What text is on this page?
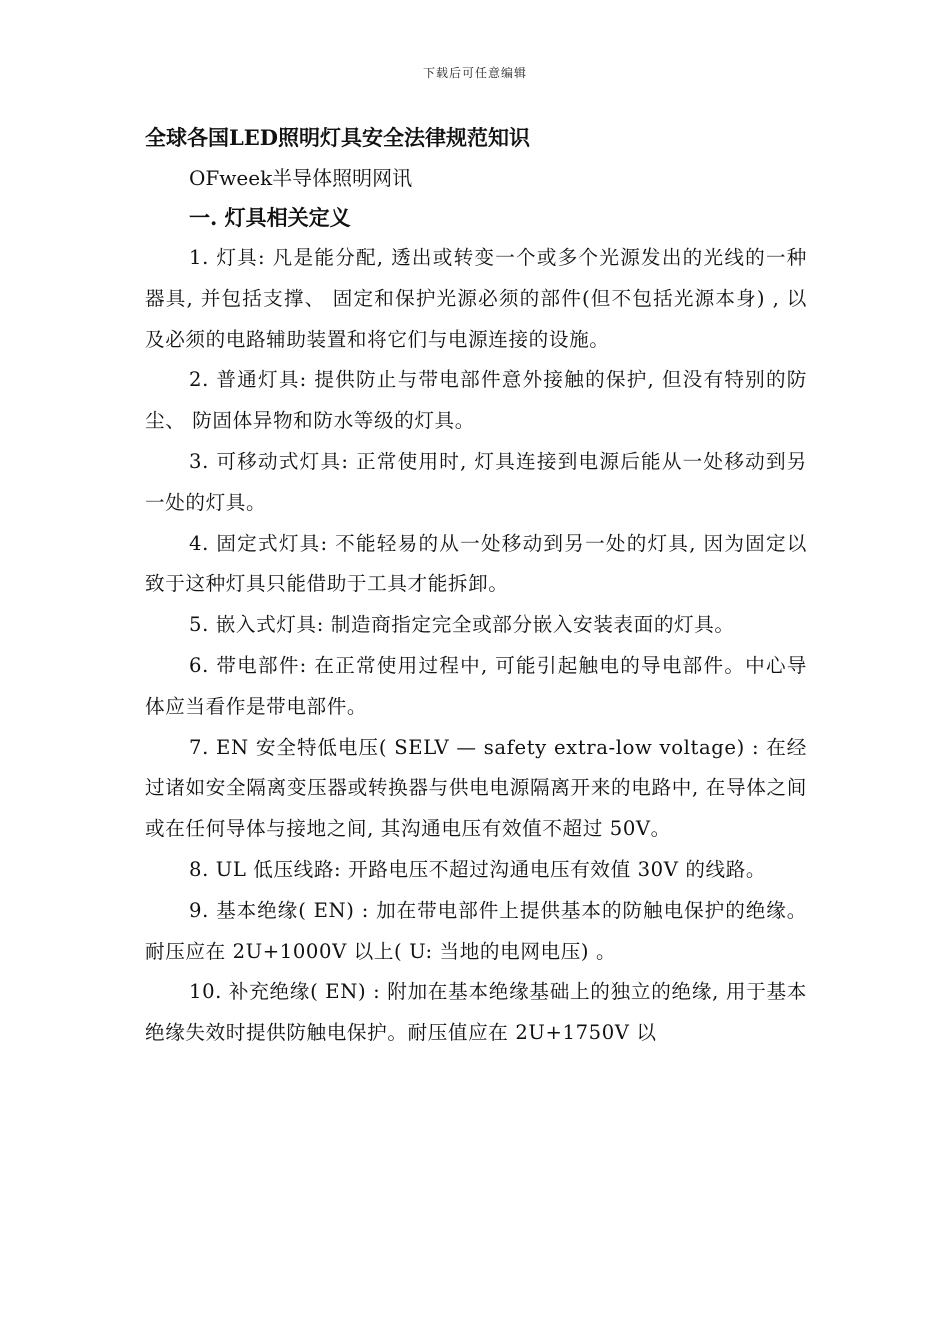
下载后可任意编辑

全球各国LED照明灯具安全法律规范知识

OFweek半导体照明网讯

一. 灯具相关定义

1. 灯具: 凡是能分配, 透出或转变一个或多个光源发出的光线的一种器具, 并包括支撑、 固定和保护光源必须的部件(但不包括光源本身) , 以及必须的电路辅助装置和将它们与电源连接的设施。

2. 普通灯具: 提供防止与带电部件意外接触的保护, 但没有特别的防尘、 防固体异物和防水等级的灯具。

3. 可移动式灯具: 正常使用时, 灯具连接到电源后能从一处移动到另一处的灯具。

4. 固定式灯具: 不能轻易的从一处移动到另一处的灯具, 因为固定以致于这种灯具只能借助于工具才能拆卸。

5. 嵌入式灯具: 制造商指定完全或部分嵌入安装表面的灯具。

6. 带电部件: 在正常使用过程中, 可能引起触电的导电部件。中心导体应当看作是带电部件。

7. EN 安全特低电压( SELV — safety extra-low voltage) : 在经过诸如安全隔离变压器或转换器与供电电源隔离开来的电路中, 在导体之间或在任何导体与接地之间, 其沟通电压有效值不超过 50V。

8. UL 低压线路: 开路电压不超过沟通电压有效值 30V 的线路。

9. 基本绝缘( EN) : 加在带电部件上提供基本的防触电保护的绝缘。耐压应在 2U+1000V 以上( U: 当地的电网电压) 。

10. 补充绝缘( EN) : 附加在基本绝缘基础上的独立的绝缘, 用于基本绝缘失效时提供防触电保护。耐压值应在 2U+1750V 以
